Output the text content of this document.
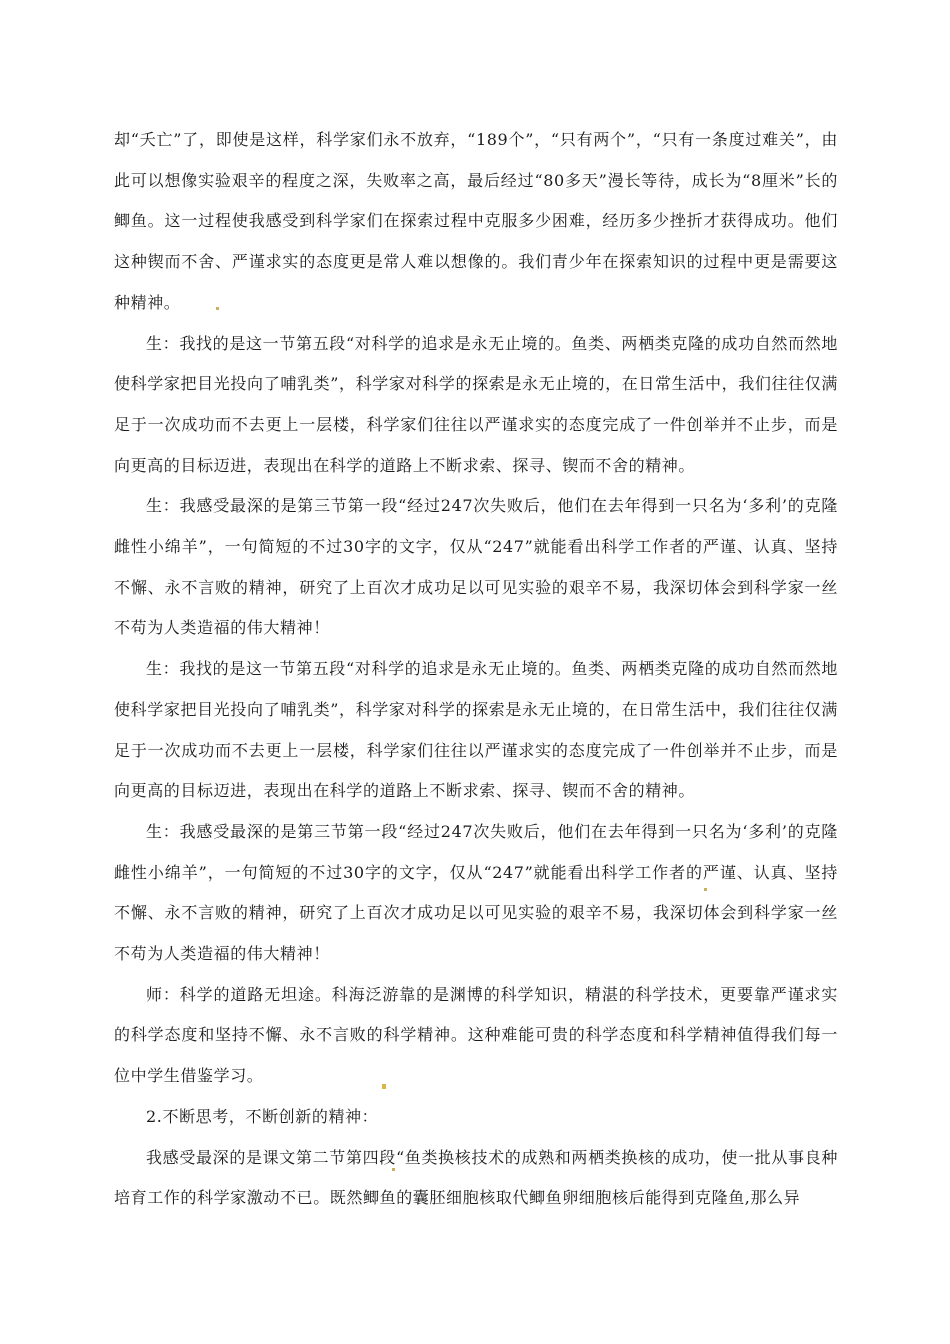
却“夭亡”了，即使是这样，科学家们永不放弃，“189个”，“只有两个”，“只有一条度过难关”，由此可以想像实验艰辛的程度之深，失败率之高，最后经过“80多天”漫长等待，成长为“8厘米”长的鲫鱼。这一过程使我感受到科学家们在探索过程中克服多少困难，经历多少挫折才获得成功。他们这种锲而不舍、严谨求实的态度更是常人难以想像的。我们青少年在探索知识的过程中更是需要这种精神。

生：我找的是这一节第五段“对科学的追求是永无止境的。鱼类、两栖类克隆的成功自然而然地使科学家把目光投向了哺乳类”，科学家对科学的探索是永无止境的，在日常生活中，我们往往仅满足于一次成功而不去更上一层楼，科学家们往往以严谨求实的态度完成了一件创举并不止步，而是向更高的目标迈进，表现出在科学的道路上不断求索、探寻、锲而不舍的精神。

生：我感受最深的是第三节第一段“经过247次失败后，他们在去年得到一只名为‘多利’的克隆雌性小绵羊”，一句简短的不过30字的文字，仅从“247”就能看出科学工作者的严谨、认真、坚持不懈、永不言败的精神，研究了上百次才成功足以可见实验的艰辛不易，我深切体会到科学家一丝不苟为人类造福的伟大精神！

生：我找的是这一节第五段“对科学的追求是永无止境的。鱼类、两栖类克隆的成功自然而然地使科学家把目光投向了哺乳类”，科学家对科学的探索是永无止境的，在日常生活中，我们往往仅满足于一次成功而不去更上一层楼，科学家们往往以严谨求实的态度完成了一件创举并不止步，而是向更高的目标迈进，表现出在科学的道路上不断求索、探寻、锲而不舍的精神。

生：我感受最深的是第三节第一段“经过247次失败后，他们在去年得到一只名为‘多利’的克隆雌性小绵羊”，一句简短的不过30字的文字，仅从“247”就能看出科学工作者的严谨、认真、坚持不懈、永不言败的精神，研究了上百次才成功足以可见实验的艰辛不易，我深切体会到科学家一丝不苟为人类造福的伟大精神！

师：科学的道路无坦途。科海泛游靠的是渊博的科学知识，精湛的科学技术，更要靠严谨求实的科学态度和坚持不懈、永不言败的科学精神。这种难能可贵的科学态度和科学精神值得我们每一位中学生借鉴学习。

2.不断思考，不断创新的精神：

我感受最深的是课文第二节第四段“鱼类换核技术的成熟和两栖类换核的成功，使一批从事良种培育工作的科学家激动不已。既然鲫鱼的囊胚细胞核取代鲫鱼卵细胞核后能得到克隆鱼,那么异
